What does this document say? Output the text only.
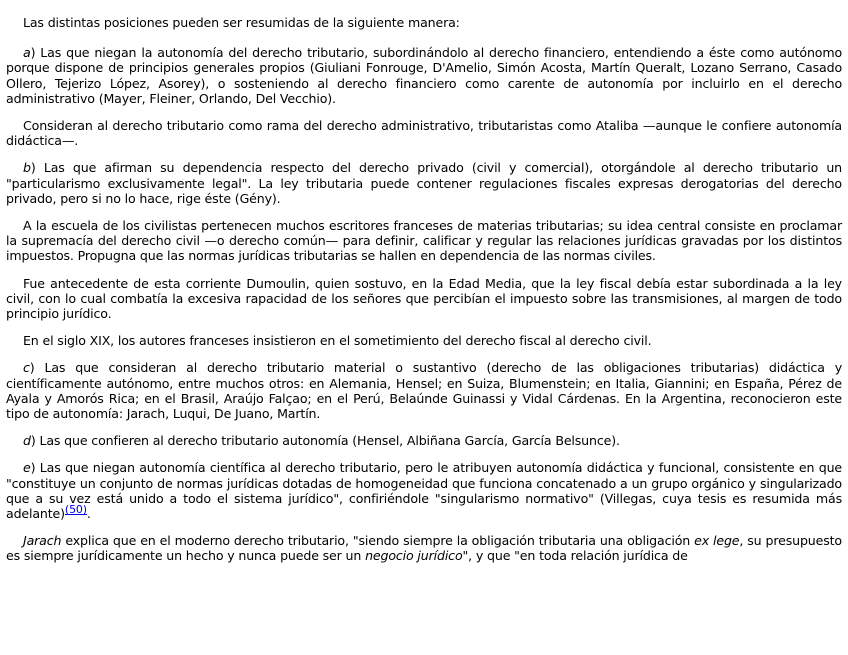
Las distintas posiciones pueden ser resumidas de la siguiente manera:

a) Las que niegan la autonomía del derecho tributario, subordinándolo al derecho financiero, entendiendo a éste como autónomo porque dispone de principios generales propios (Giuliani Fonrouge, D'Amelio, Simón Acosta, Martín Queralt, Lozano Serrano, Casado Ollero, Tejerizo López, Asorey), o sosteniendo al derecho financiero como carente de autonomía por incluirlo en el derecho administrativo (Mayer, Fleiner, Orlando, Del Vecchio).

Consideran al derecho tributario como rama del derecho administrativo, tributaristas como Ataliba —aunque le confiere autonomía didáctica—.

b) Las que afirman su dependencia respecto del derecho privado (civil y comercial), otorgándole al derecho tributario un "particularismo exclusivamente legal". La ley tributaria puede contener regulaciones fiscales expresas derogatorias del derecho privado, pero si no lo hace, rige éste (Gény).

A la escuela de los civilistas pertenecen muchos escritores franceses de materias tributarias; su idea central consiste en proclamar la supremacía del derecho civil —o derecho común— para definir, calificar y regular las relaciones jurídicas gravadas por los distintos impuestos. Propugna que las normas jurídicas tributarias se hallen en dependencia de las normas civiles.

Fue antecedente de esta corriente Dumoulin, quien sostuvo, en la Edad Media, que la ley fiscal debía estar subordinada a la ley civil, con lo cual combatía la excesiva rapacidad de los señores que percibían el impuesto sobre las transmisiones, al margen de todo principio jurídico.

En el siglo XIX, los autores franceses insistieron en el sometimiento del derecho fiscal al derecho civil.

c) Las que consideran al derecho tributario material o sustantivo (derecho de las obligaciones tributarias) didáctica y científicamente autónomo, entre muchos otros: en Alemania, Hensel; en Suiza, Blumenstein; en Italia, Giannini; en España, Pérez de Ayala y Amorós Rica; en el Brasil, Araújo Falçao; en el Perú, Belaúnde Guinassi y Vidal Cárdenas. En la Argentina, reconocieron este tipo de autonomía: Jarach, Luqui, De Juano, Martín.

d) Las que confieren al derecho tributario autonomía (Hensel, Albiñana García, García Belsunce).

e) Las que niegan autonomía científica al derecho tributario, pero le atribuyen autonomía didáctica y funcional, consistente en que "constituye un conjunto de normas jurídicas dotadas de homogeneidad que funciona concatenado a un grupo orgánico y singularizado que a su vez está unido a todo el sistema jurídico", confiriéndole "singularismo normativo" (Villegas, cuya tesis es resumida más adelante)(50).

Jarach explica que en el moderno derecho tributario, "siendo siempre la obligación tributaria una obligación ex lege, su presupuesto es siempre jurídicamente un hecho y nunca puede ser un negocio jurídico", y que "en toda relación jurídica de
